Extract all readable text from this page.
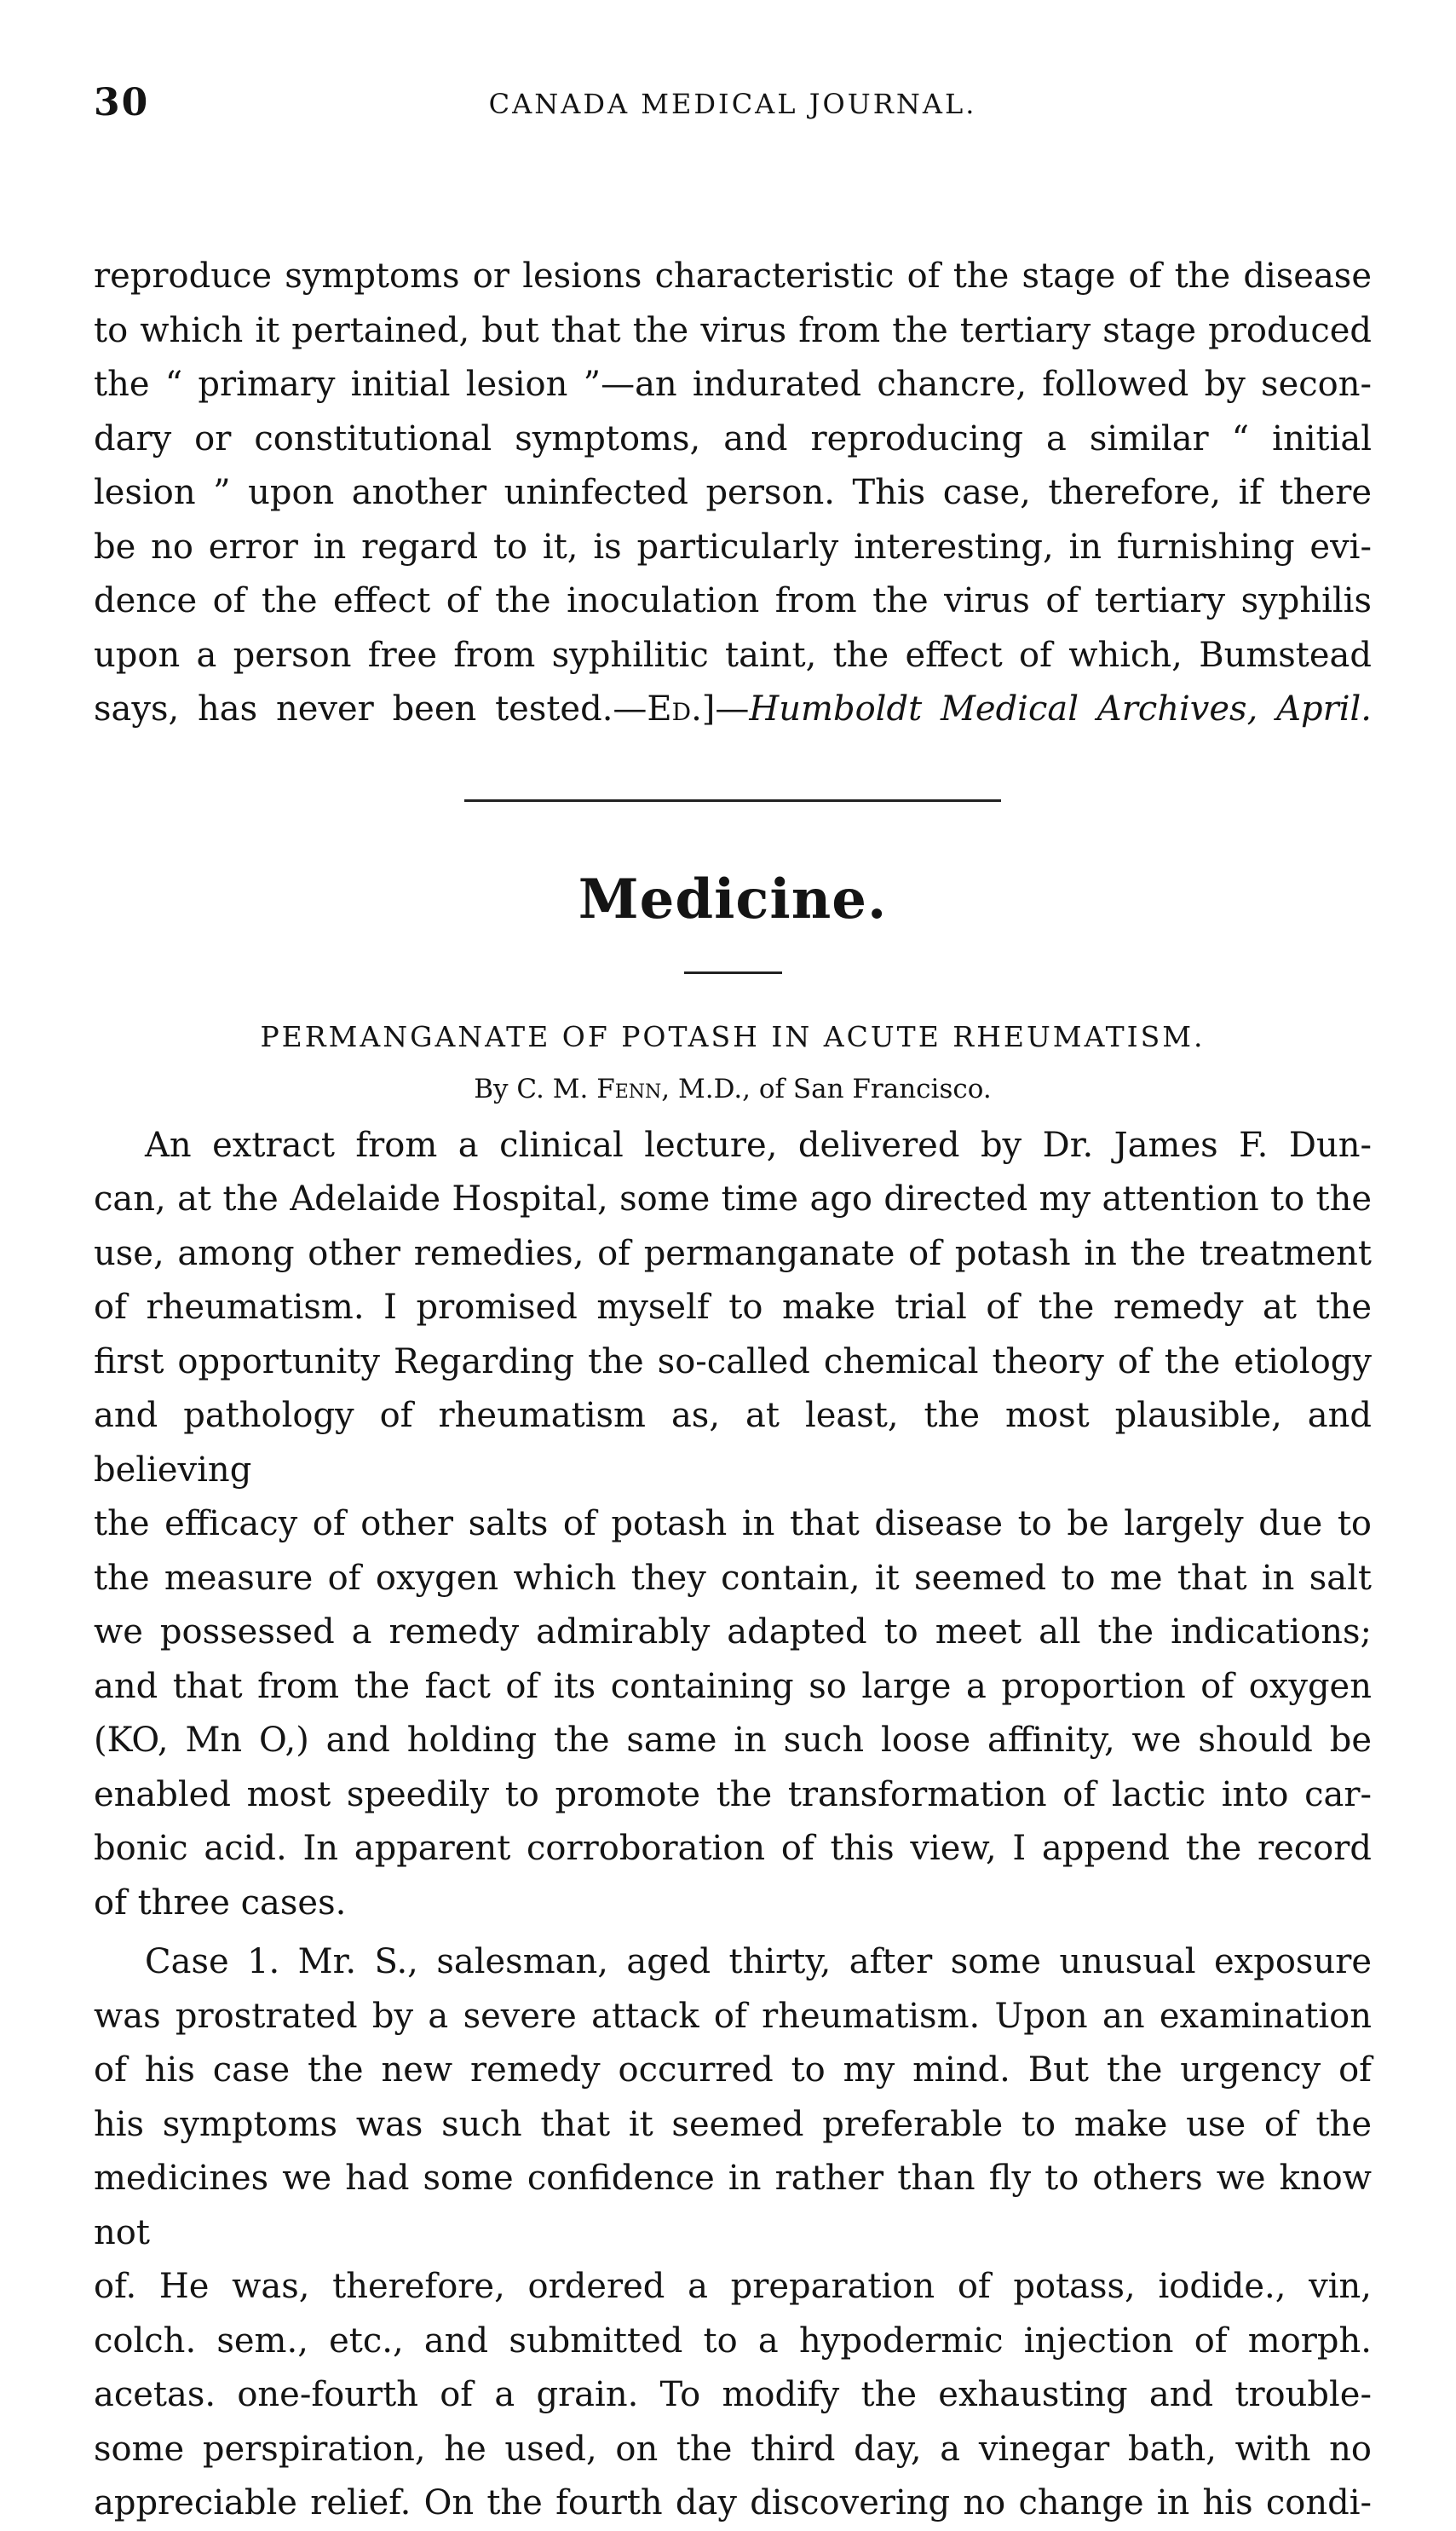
30	CANADA MEDICAL JOURNAL.

reproduce symptoms or lesions characteristic of the stage of the disease

to which it pertained, but that the virus from the tertiary stage produced

the “ primary initial lesion ”—an indurated chancre, followed by secon-

dary or constitutional symptoms, and reproducing a similar “ initial

lesion ” upon another uninfected person. This case, therefore, if there

be no error in regard to it, is particularly interesting, in furnishing evi-

dence of the effect of the inoculation from the virus of tertiary syphilis

upon a person free from syphilitic taint, the effect of which, Bumstead

says, has never been tested.—Ed.]—Humboldt Medical Archives, April.

Medicine.
PERMANGANATE OF POTASH IN ACUTE RHEUMATISM.
By C. M. Fenn, M.D., of San Francisco.

An extract from a clinical lecture, delivered by Dr. James F. Dun-

can, at the Adelaide Hospital, some time ago directed my attention to the

use, among other remedies, of permanganate of potash in the treatment

of rheumatism. I promised myself to make trial of the remedy at the

first opportunity Regarding the so-called chemical theory of the etiology

and pathology of rheumatism as, at least, the most plausible, and believing

the efficacy of other salts of potash in that disease to be largely due to

the measure of oxygen which they contain, it seemed to me that in salt

we possessed a remedy admirably adapted to meet all the indications;

and that from the fact of its containing so large a proportion of oxygen

(KO, Mn O,) and holding the same in such loose affinity, we should be

enabled most speedily to promote the transformation of lactic into car-

bonic acid. In apparent corroboration of this view, I append the record

of three cases.

Case 1. Mr. S., salesman, aged thirty, after some unusual exposure

was prostrated by a severe attack of rheumatism. Upon an examination

of his case the new remedy occurred to my mind. But the urgency of

his symptoms was such that it seemed preferable to make use of the

medicines we had some confidence in rather than fly to others we know not

of. He was, therefore, ordered a preparation of potass, iodide., vin,

colch. sem., etc., and submitted to a hypodermic injection of morph.

acetas. one-fourth of a grain. To modify the exhausting and trouble-

some perspiration, he used, on the third day, a vinegar bath, with no

appreciable relief. On the fourth day discovering no change in his condi-
